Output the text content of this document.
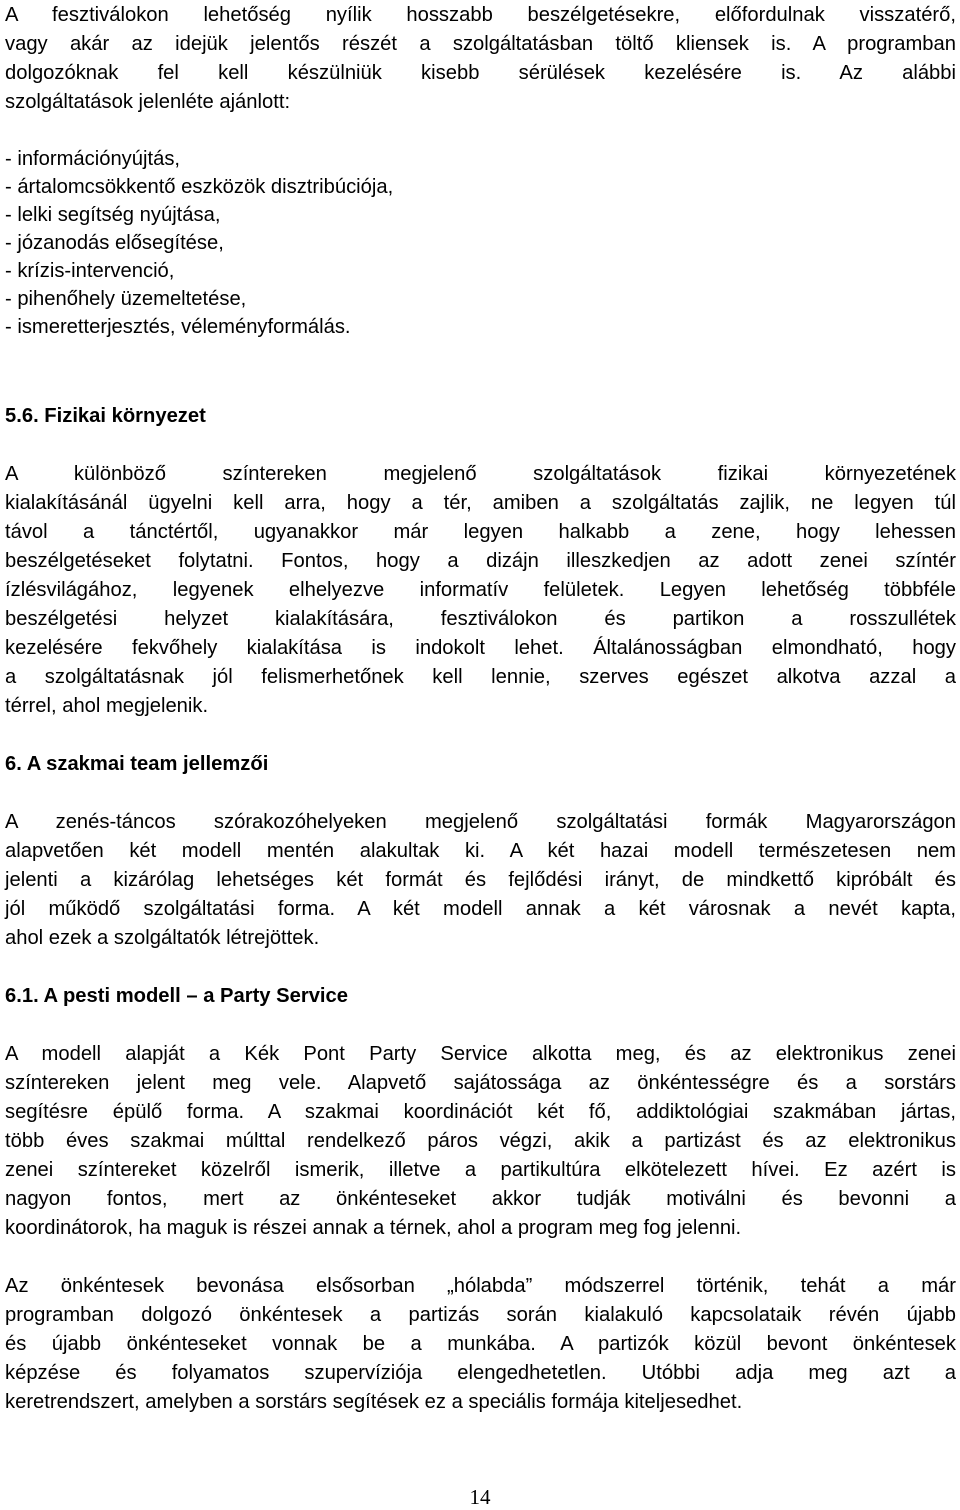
A fesztiválokon lehetőség nyílik hosszabb beszélgetésekre, előfordulnak visszatérő,
vagy akár az idejük jelentős részét a szolgáltatásban töltő kliensek is. A programban
dolgozóknak fel kell készülniük kisebb sérülések kezelésére is. Az alábbi
szolgáltatások jelenléte ajánlott:
- információnyújtás,
- ártalomcsökkentő eszközök disztribúciója,
- lelki segítség nyújtása,
- józanodás elősegítése,
- krízis-intervenció,
- pihenőhely üzemeltetése,
- ismeretterjesztés, véleményformálás.
5.6. Fizikai környezet
A különböző színtereken megjelenő szolgáltatások fizikai környezetének
kialakításánál ügyelni kell arra, hogy a tér, amiben a szolgáltatás zajlik, ne legyen túl
távol a tánctértől, ugyanakkor már legyen halkabb a zene, hogy lehessen
beszélgetéseket folytatni. Fontos, hogy a dizájn illeszkedjen az adott zenei színtér
ízlésvilágához, legyenek elhelyezve informatív felületek. Legyen lehetőség többféle
beszélgetési helyzet kialakítására, fesztiválokon és partikon a rosszullétek
kezelésére fekvőhely kialakítása is indokolt lehet. Általánosságban elmondható, hogy
a szolgáltatásnak jól felismerhetőnek kell lennie, szerves egészet alkotva azzal a
térrel, ahol megjelenik.
6. A szakmai team jellemzői
A zenés-táncos szórakozóhelyeken megjelenő szolgáltatási formák Magyarországon
alapvetően két modell mentén alakultak ki. A két hazai modell természetesen nem
jelenti a kizárólag lehetséges két formát és fejlődési irányt, de mindkettő kipróbált és
jól működő szolgáltatási forma. A két modell annak a két városnak a nevét kapta,
ahol ezek a szolgáltatók létrejöttek.
6.1. A pesti modell – a Party Service
A modell alapját a Kék Pont Party Service alkotta meg, és az elektronikus zenei
színtereken jelent meg vele. Alapvető sajátossága az önkéntességre és a sorstárs
segítésre épülő forma. A szakmai koordinációt két fő, addiktológiai szakmában jártas,
több éves szakmai múlttal rendelkező páros végzi, akik a partizást és az elektronikus
zenei színtereket közelről ismerik, illetve a partikultúra elkötelezett hívei. Ez azért is
nagyon fontos, mert az önkénteseket akkor tudják motiválni és bevonni a
koordinátorok, ha maguk is részei annak a térnek, ahol a program meg fog jelenni.
Az önkéntesek bevonása elsősorban „hólabda” módszerrel történik, tehát a már
programban dolgozó önkéntesek a partizás során kialakuló kapcsolataik révén újabb
és újabb önkénteseket vonnak be a munkába. A partizók közül bevont önkéntesek
képzése és folyamatos szupervíziója elengedhetetlen. Utóbbi adja meg azt a
keretrendszert, amelyben a sorstárs segítések ez a speciális formája kiteljesedhet.
14
